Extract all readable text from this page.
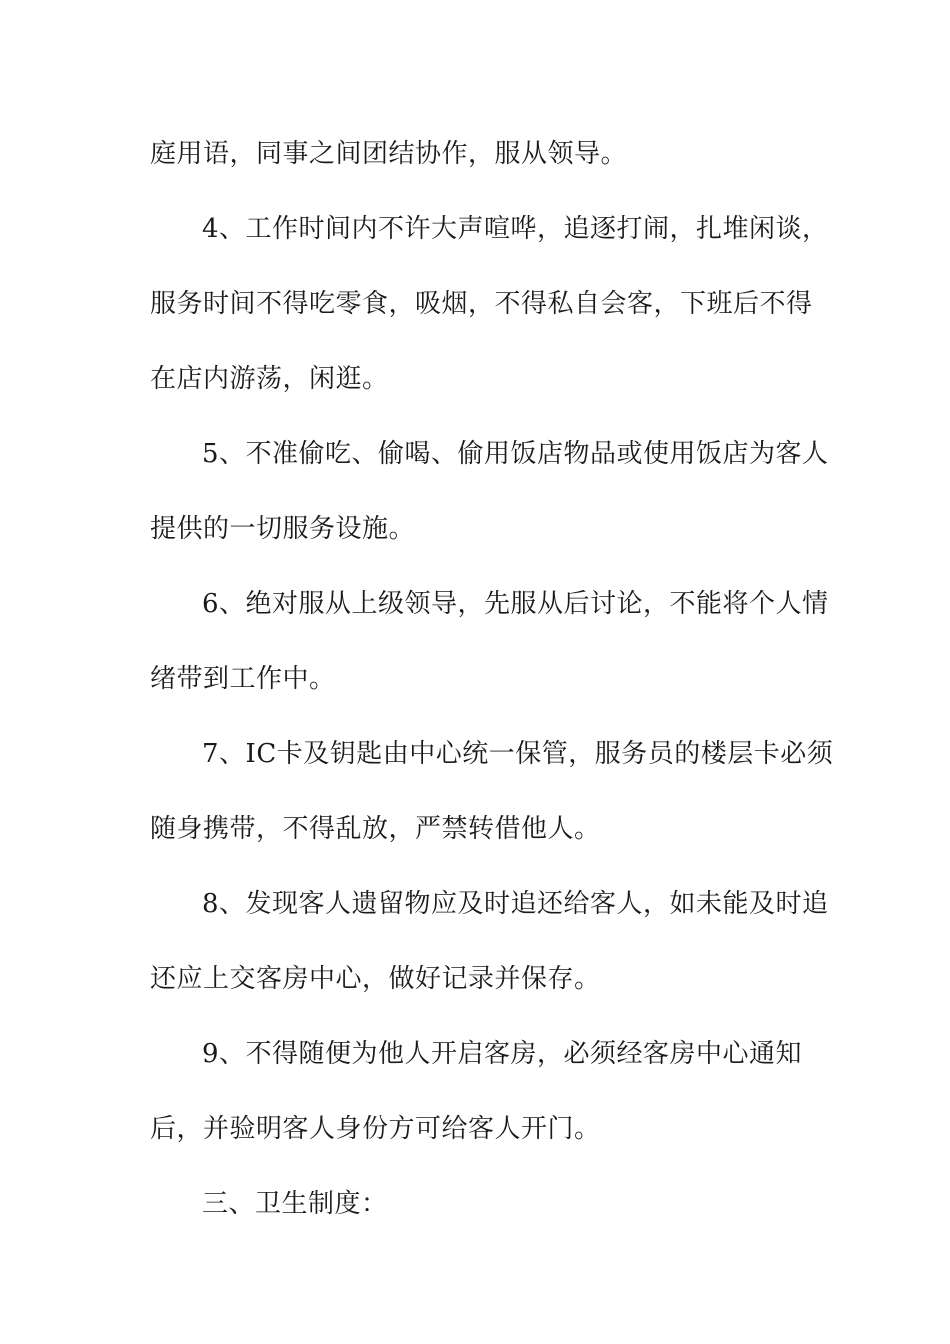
庭用语，同事之间团结协作，服从领导。
4、工作时间内不许大声喧哗，追逐打闹，扎堆闲谈，
服务时间不得吃零食，吸烟，不得私自会客，下班后不得
在店内游荡，闲逛。
5、不准偷吃、偷喝、偷用饭店物品或使用饭店为客人
提供的一切服务设施。
6、绝对服从上级领导，先服从后讨论，不能将个人情
绪带到工作中。
7、IC卡及钥匙由中心统一保管，服务员的楼层卡必须
随身携带，不得乱放，严禁转借他人。
8、发现客人遗留物应及时追还给客人，如未能及时追
还应上交客房中心，做好记录并保存。
9、不得随便为他人开启客房，必须经客房中心通知
后，并验明客人身份方可给客人开门。
三、卫生制度：
